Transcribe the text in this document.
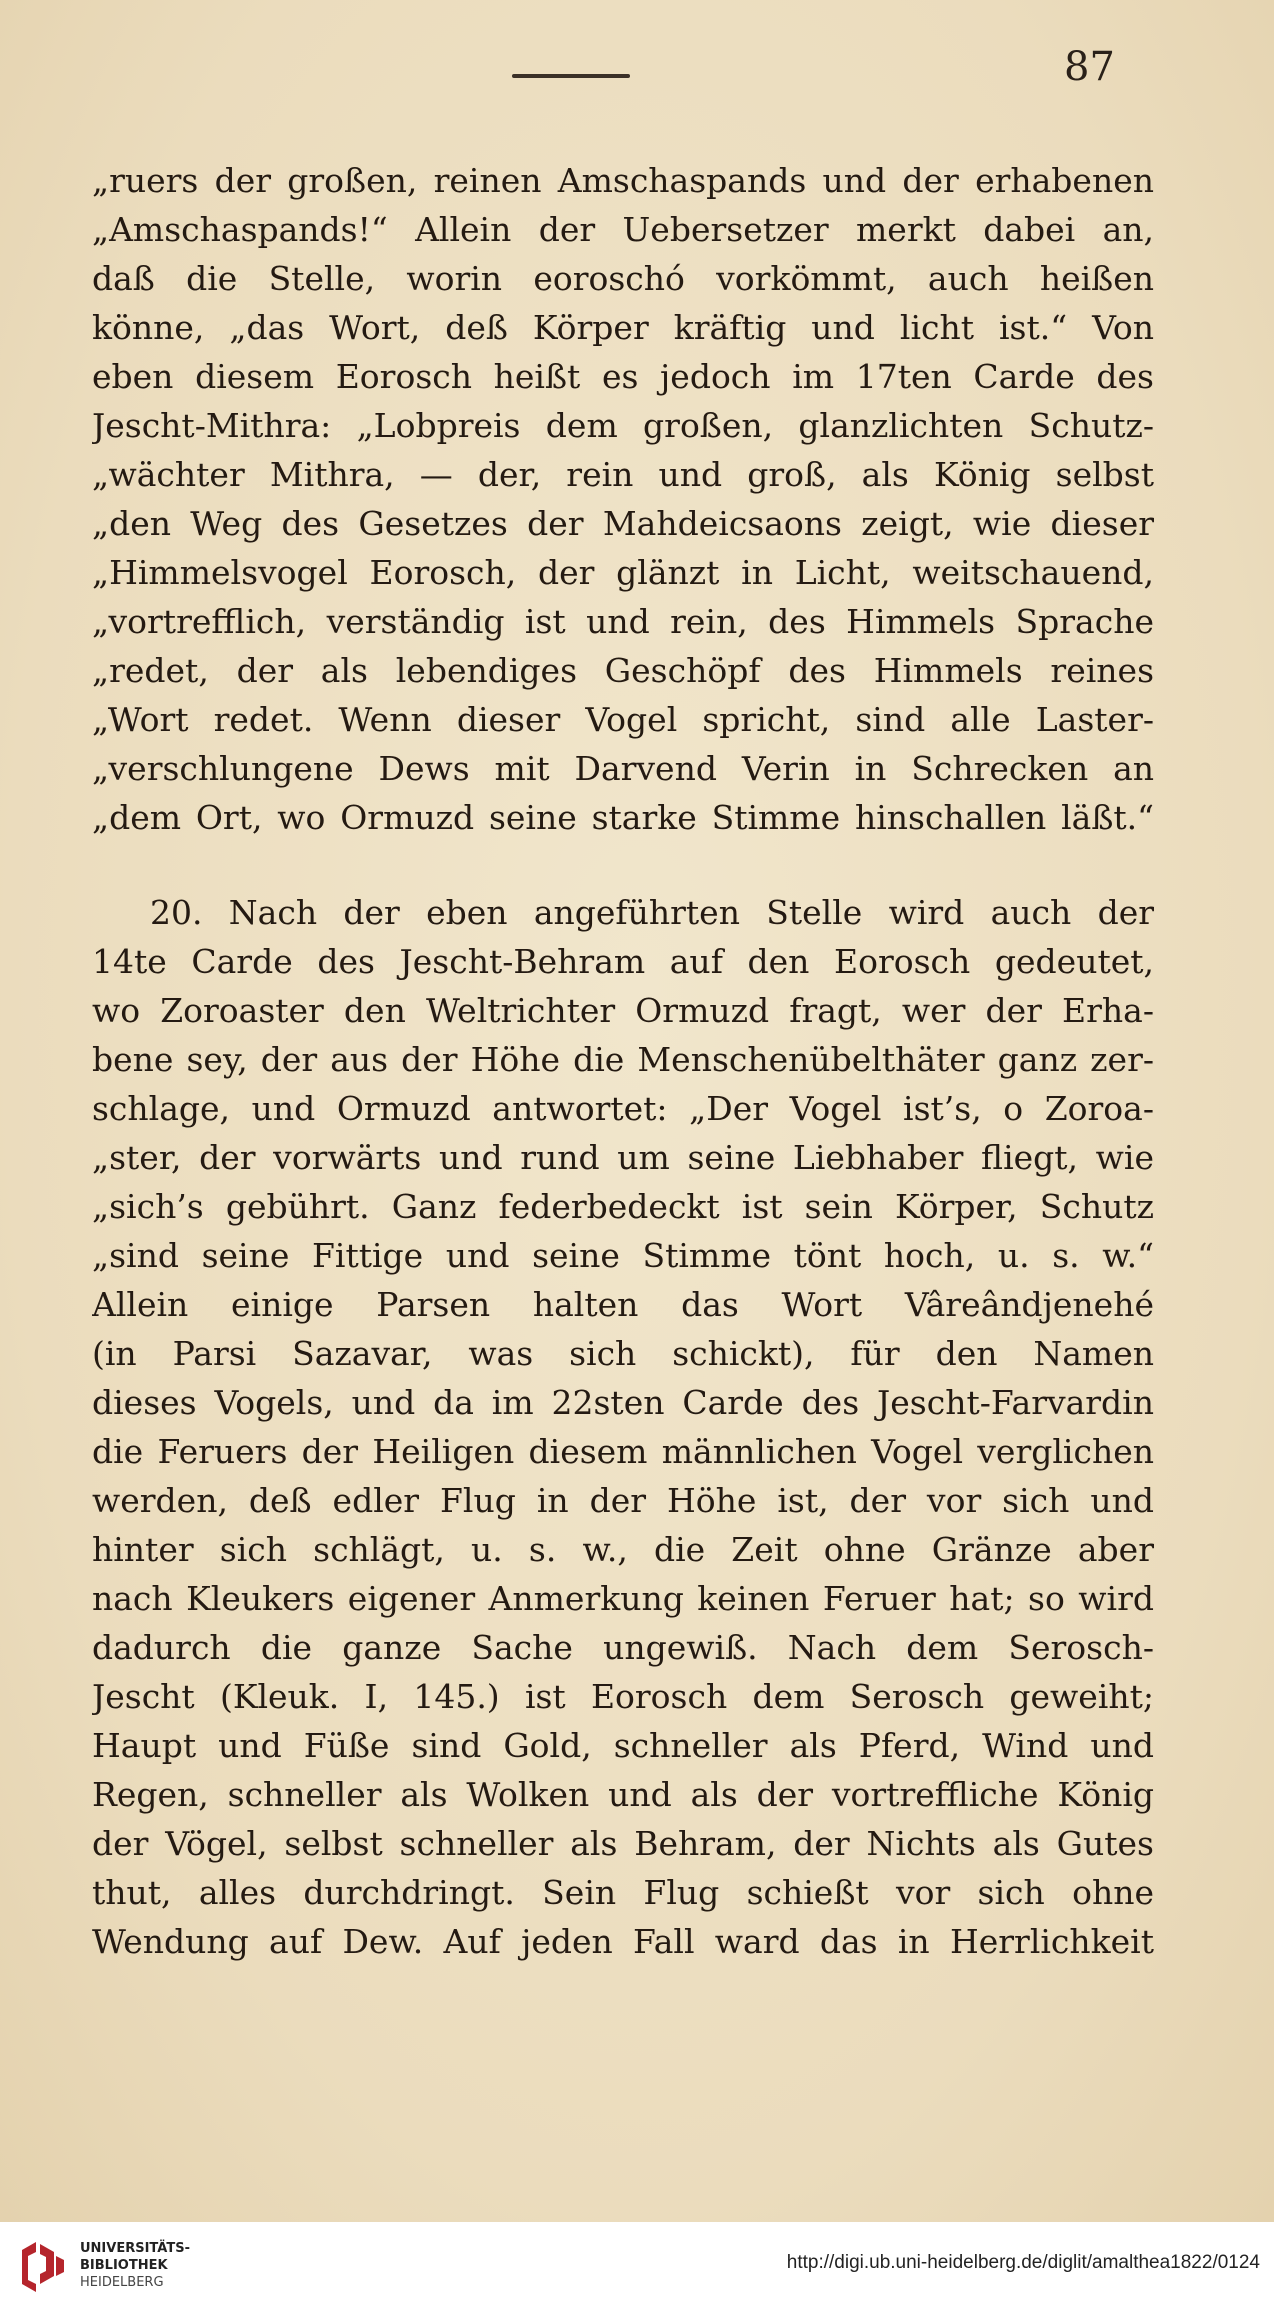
87
„ruers der großen, reinen Amschaspands und der erhabenen
„Amschaspands!“ Allein der Uebersetzer merkt dabei an,
daß die Stelle, worin eoroschó vorkömmt, auch heißen
könne, „das Wort, deß Körper kräftig und licht ist.“ Von
eben diesem Eorosch heißt es jedoch im 17ten Carde des
Jescht-Mithra: „Lobpreis dem großen, glanzlichten Schutz-
„wächter Mithra, — der, rein und groß, als König selbst
„den Weg des Gesetzes der Mahdeicsaons zeigt, wie dieser
„Himmelsvogel Eorosch, der glänzt in Licht, weitschauend,
„vortrefflich, verständig ist und rein, des Himmels Sprache
„redet, der als lebendiges Geschöpf des Himmels reines
„Wort redet. Wenn dieser Vogel spricht, sind alle Laster-
„verschlungene Dews mit Darvend Verin in Schrecken an
„dem Ort, wo Ormuzd seine starke Stimme hinschallen läßt.“
20. Nach der eben angeführten Stelle wird auch der
14te Carde des Jescht-Behram auf den Eorosch gedeutet,
wo Zoroaster den Weltrichter Ormuzd fragt, wer der Erha-
bene sey, der aus der Höhe die Menschenübelthäter ganz zer-
schlage, und Ormuzd antwortet: „Der Vogel ist’s, o Zoroa-
„ster, der vorwärts und rund um seine Liebhaber fliegt, wie
„sich’s gebührt. Ganz federbedeckt ist sein Körper, Schutz
„sind seine Fittige und seine Stimme tönt hoch, u. s. w.“
Allein einige Parsen halten das Wort Vâreândjenehé
(in Parsi Sazavar, was sich schickt), für den Namen
dieses Vogels, und da im 22sten Carde des Jescht-Farvardin
die Feruers der Heiligen diesem männlichen Vogel verglichen
werden, deß edler Flug in der Höhe ist, der vor sich und
hinter sich schlägt, u. s. w., die Zeit ohne Gränze aber
nach Kleukers eigener Anmerkung keinen Feruer hat; so wird
dadurch die ganze Sache ungewiß. Nach dem Serosch-
Jescht (Kleuk. I, 145.) ist Eorosch dem Serosch geweiht;
Haupt und Füße sind Gold, schneller als Pferd, Wind und
Regen, schneller als Wolken und als der vortreffliche König
der Vögel, selbst schneller als Behram, der Nichts als Gutes
thut, alles durchdringt. Sein Flug schießt vor sich ohne
Wendung auf Dew. Auf jeden Fall ward das in Herrlichkeit
UNIVERSITÄTS-
BIBLIOTHEK
HEIDELBERG
http://digi.ub.uni-heidelberg.de/diglit/amalthea1822/0124
